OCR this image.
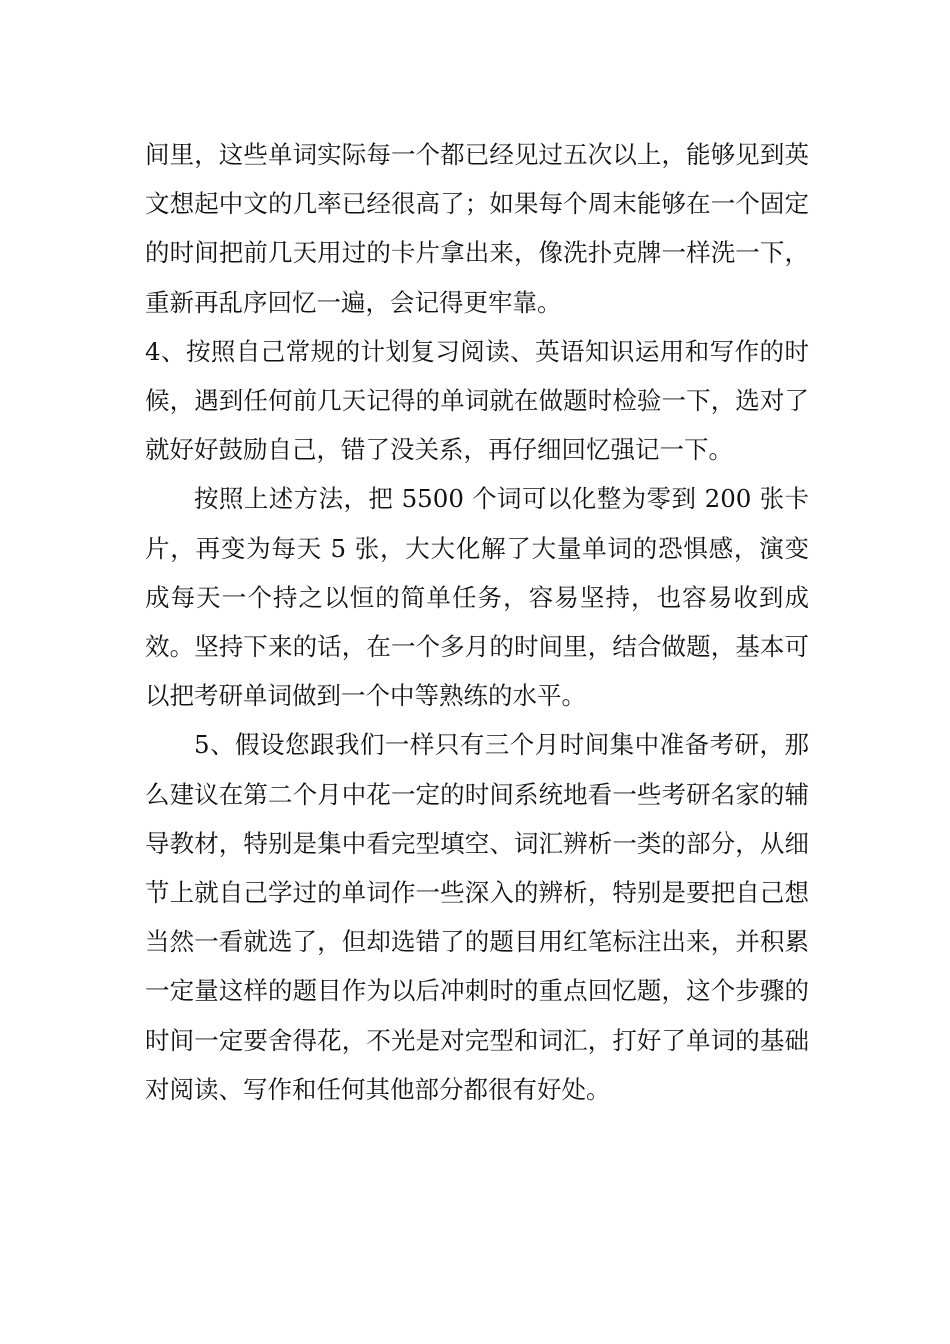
间里，这些单词实际每一个都已经见过五次以上，能够见到英文想起中文的几率已经很高了；如果每个周末能够在一个固定的时间把前几天用过的卡片拿出来，像洗扑克牌一样洗一下，重新再乱序回忆一遍，会记得更牢靠。

4、按照自己常规的计划复习阅读、英语知识运用和写作的时候，遇到任何前几天记得的单词就在做题时检验一下，选对了就好好鼓励自己，错了没关系，再仔细回忆强记一下。

按照上述方法，把 5500 个词可以化整为零到 200 张卡片，再变为每天 5 张，大大化解了大量单词的恐惧感，演变成每天一个持之以恒的简单任务，容易坚持，也容易收到成效。坚持下来的话，在一个多月的时间里，结合做题，基本可以把考研单词做到一个中等熟练的水平。

5、假设您跟我们一样只有三个月时间集中准备考研，那么建议在第二个月中花一定的时间系统地看一些考研名家的辅导教材，特别是集中看完型填空、词汇辨析一类的部分，从细节上就自己学过的单词作一些深入的辨析，特别是要把自己想当然一看就选了，但却选错了的题目用红笔标注出来，并积累一定量这样的题目作为以后冲刺时的重点回忆题，这个步骤的时间一定要舍得花，不光是对完型和词汇，打好了单词的基础对阅读、写作和任何其他部分都很有好处。
